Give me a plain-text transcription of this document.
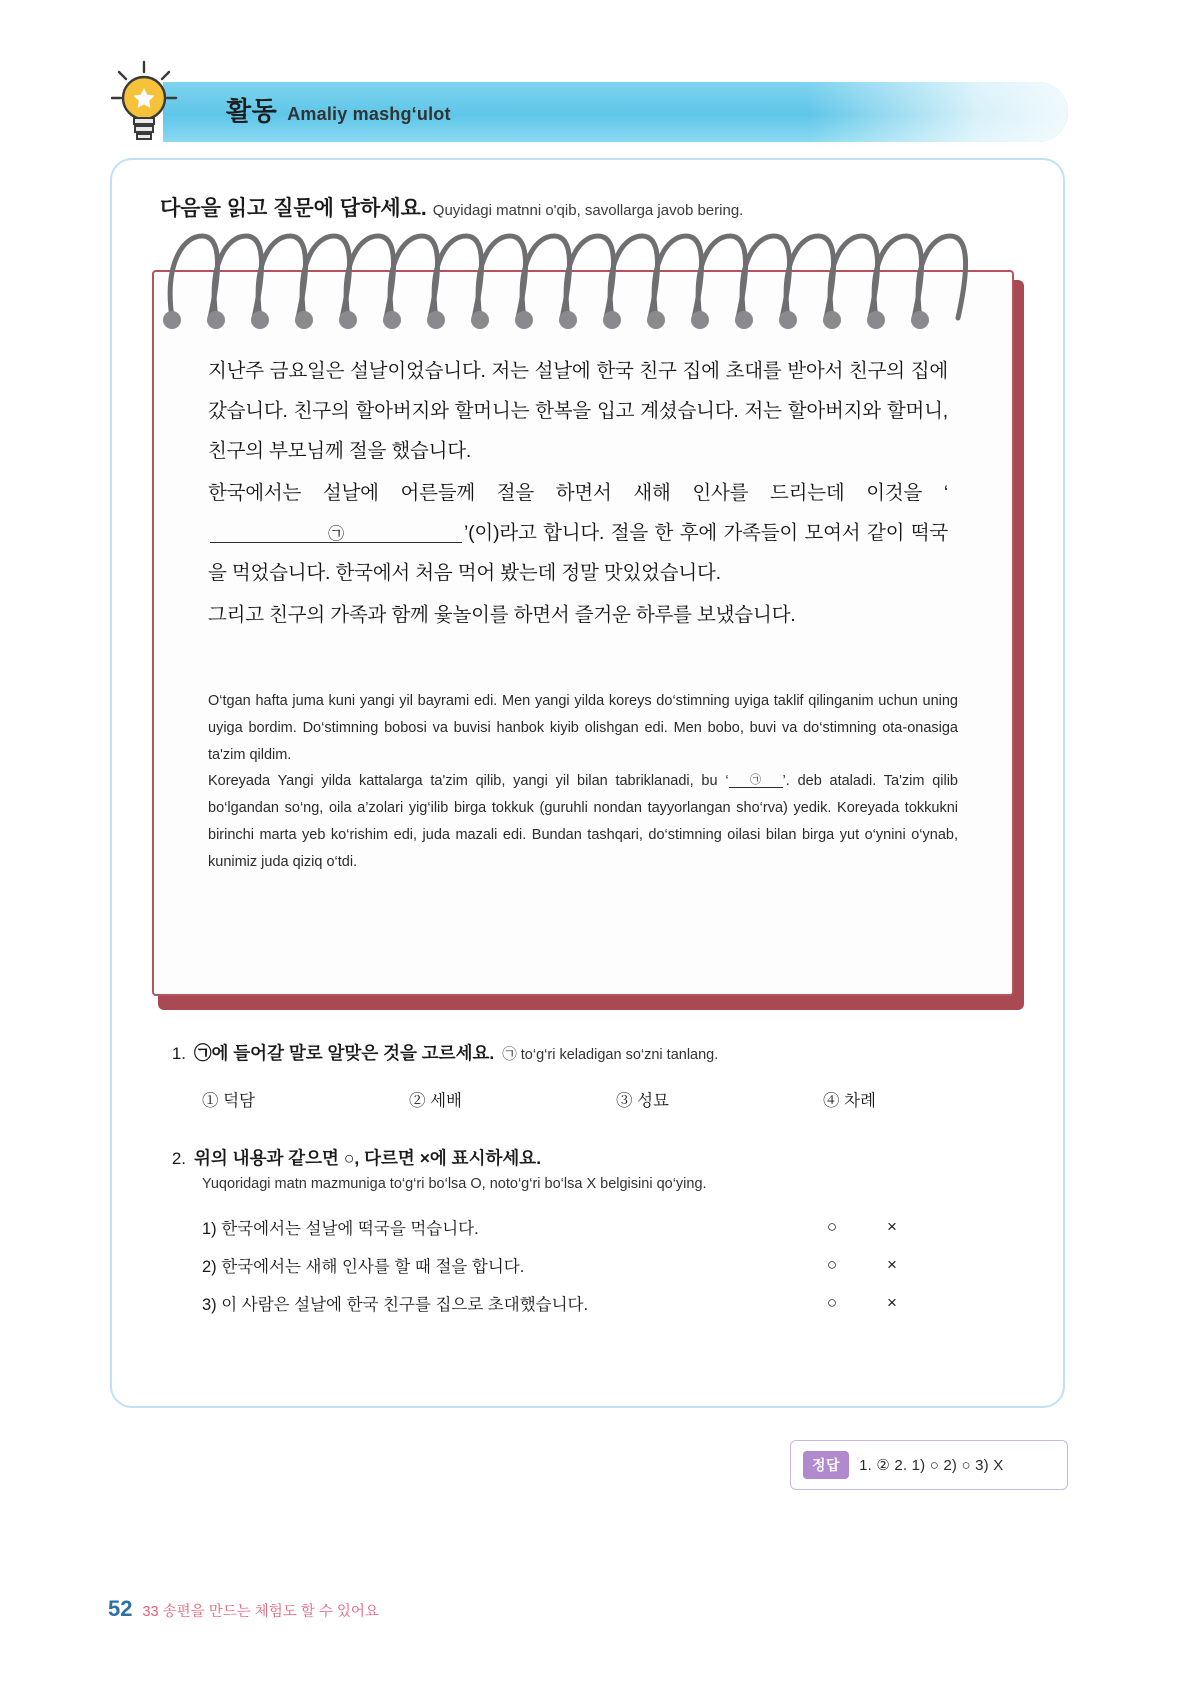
활동 Amaliy mashg‘ulot
다음을 읽고 질문에 답하세요. Quyidagi matnni o'qib, savollarga javob bering.

지난주 금요일은 설날이었습니다. 저는 설날에 한국 친구 집에 초대를 받아서 친구의 집에 갔습니다. 친구의 할아버지와 할머니는 한복을 입고 계셨습니다. 저는 할아버지와 할머니, 친구의 부모님께 절을 했습니다.

한국에서는 설날에 어른들께 절을 하면서 새해 인사를 드리는데 이것을 ‘
㉠	’(이)라고 합니다. 절을 한 후에 가족들이 모여서 같이 떡국을 먹었습니다. 한국에서 처음 먹어 봤는데 정말 맛있었습니다.

그리고 친구의 가족과 함께 윷놀이를 하면서 즐거운 하루를 보냈습니다.

O‘tgan hafta juma kuni yangi yil bayrami edi. Men yangi yilda koreys do‘stimning uyiga taklif qilinganim uchun uning uyiga bordim. Do‘stimning bobosi va buvisi hanbok kiyib olishgan edi. Men bobo, buvi va do‘stimning ota-onasiga ta'zim qildim.

Koreyada Yangi yilda kattalarga ta'zim qilib, yangi yil bilan tabriklanadi, bu ‘ ㉠ ’. deb ataladi. Ta'zim qilib bo‘lgandan so‘ng, oila a’zolari yig‘ilib birga tokkuk (guruhli nondan tayyorlangan sho‘rva) yedik. Koreyada tokkukni birinchi marta yeb ko‘rishim edi, juda mazali edi. Bundan tashqari, do‘stimning oilasi bilan birga yut o‘ynini o‘ynab, kunimiz juda qiziq o‘tdi.

1. ㉠에 들어갈 말로 알맞은 것을 고르세요. ㉠ to‘g‘ri keladigan so‘zni tanlang.
① 덕담	② 세배	③ 성묘	④ 차례
2. 위의 내용과 같으면 ○, 다르면 ×에 표시하세요.
Yuqoridagi matn mazmuniga to‘g‘ri bo‘lsa O, noto‘g‘ri bo‘lsa X belgisini qo‘ying.
1) 한국에서는 설날에 떡국을 먹습니다.	○	×
2) 한국에서는 새해 인사를 할 때 절을 합니다.	○	×
3) 이 사람은 설날에 한국 친구를 집으로 초대했습니다.	○	×
정답	1. ② 2. 1) ○ 2) ○ 3) X
52 33 송편을 만드는 체험도 할 수 있어요
